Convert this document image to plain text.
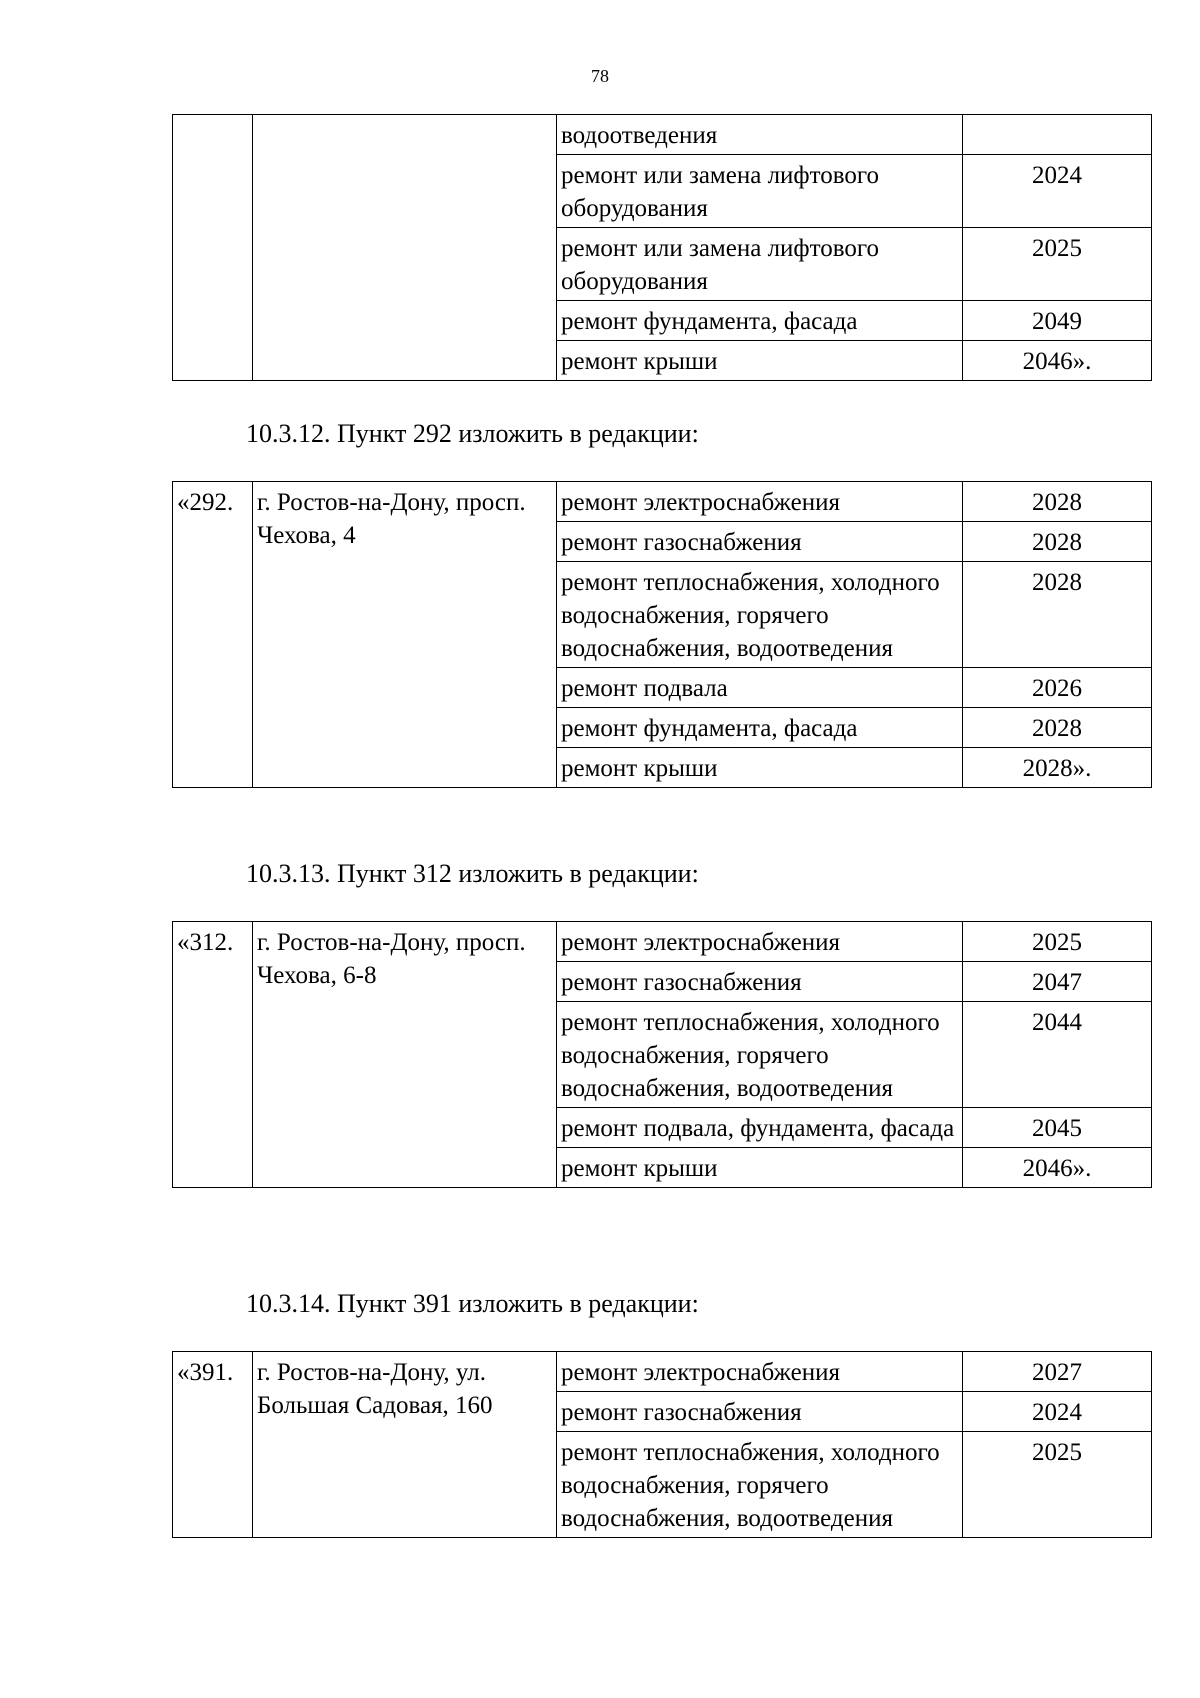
78
		водоотведения	
		ремонт или замена лифтового оборудования	2024
		ремонт или замена лифтового оборудования	2025
		ремонт фундамента, фасада	2049
		ремонт крыши	2046».
10.3.12. Пункт 292 изложить в редакции:
«292.	г. Ростов-на-Дону, просп. Чехова, 4	ремонт электроснабжения	2028
		ремонт газоснабжения	2028
		ремонт теплоснабжения, холодного водоснабжения, горячего водоснабжения, водоотведения	2028
		ремонт подвала	2026
		ремонт фундамента, фасада	2028
		ремонт крыши	2028».
10.3.13. Пункт 312 изложить в редакции:
«312.	г. Ростов-на-Дону, просп. Чехова, 6-8	ремонт электроснабжения	2025
		ремонт газоснабжения	2047
		ремонт теплоснабжения, холодного водоснабжения, горячего водоснабжения, водоотведения	2044
		ремонт подвала, фундамента, фасада	2045
		ремонт крыши	2046».
10.3.14. Пункт 391 изложить в редакции:
«391.	г. Ростов-на-Дону, ул. Большая Садовая, 160	ремонт электроснабжения	2027
		ремонт газоснабжения	2024
		ремонт теплоснабжения, холодного водоснабжения, горячего водоснабжения, водоотведения	2025
